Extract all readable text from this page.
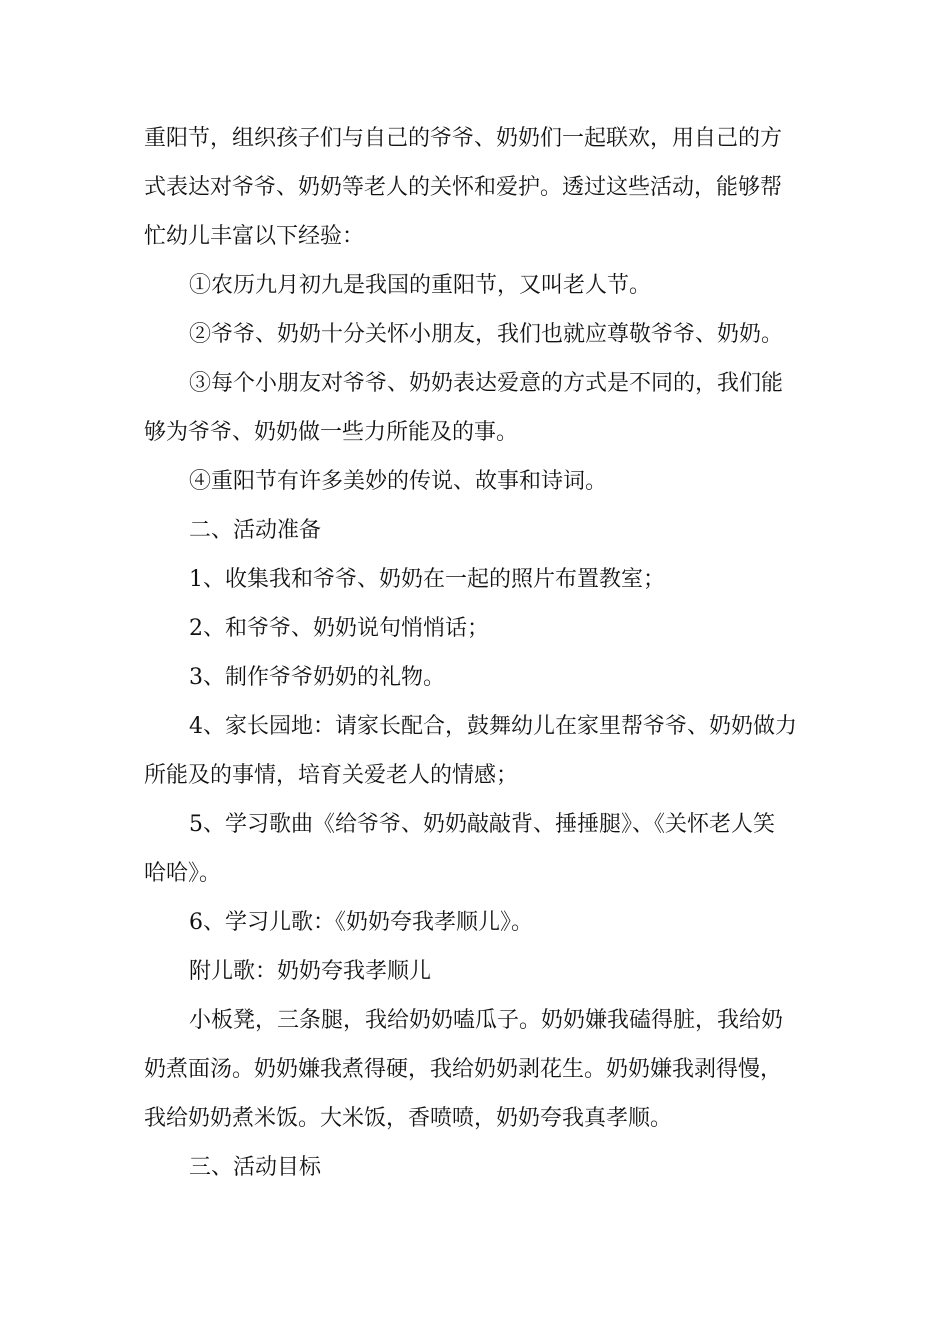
重阳节，组织孩子们与自己的爷爷、奶奶们一起联欢，用自己的方
式表达对爷爷、奶奶等老人的关怀和爱护。透过这些活动，能够帮
忙幼儿丰富以下经验：
①农历九月初九是我国的重阳节，又叫老人节。
②爷爷、奶奶十分关怀小朋友，我们也就应尊敬爷爷、奶奶。
③每个小朋友对爷爷、奶奶表达爱意的方式是不同的，我们能
够为爷爷、奶奶做一些力所能及的事。
④重阳节有许多美妙的传说、故事和诗词。
二、活动准备
1、收集我和爷爷、奶奶在一起的照片布置教室；
2、和爷爷、奶奶说句悄悄话；
3、制作爷爷奶奶的礼物。
4、家长园地：请家长配合，鼓舞幼儿在家里帮爷爷、奶奶做力
所能及的事情，培育关爱老人的情感；
5、学习歌曲《给爷爷、奶奶敲敲背、捶捶腿》、《关怀老人笑
哈哈》。
6、学习儿歌：《奶奶夸我孝顺儿》。
附儿歌：奶奶夸我孝顺儿
小板凳，三条腿，我给奶奶嗑瓜子。奶奶嫌我磕得脏，我给奶
奶煮面汤。奶奶嫌我煮得硬，我给奶奶剥花生。奶奶嫌我剥得慢，
我给奶奶煮米饭。大米饭，香喷喷，奶奶夸我真孝顺。
三、活动目标
